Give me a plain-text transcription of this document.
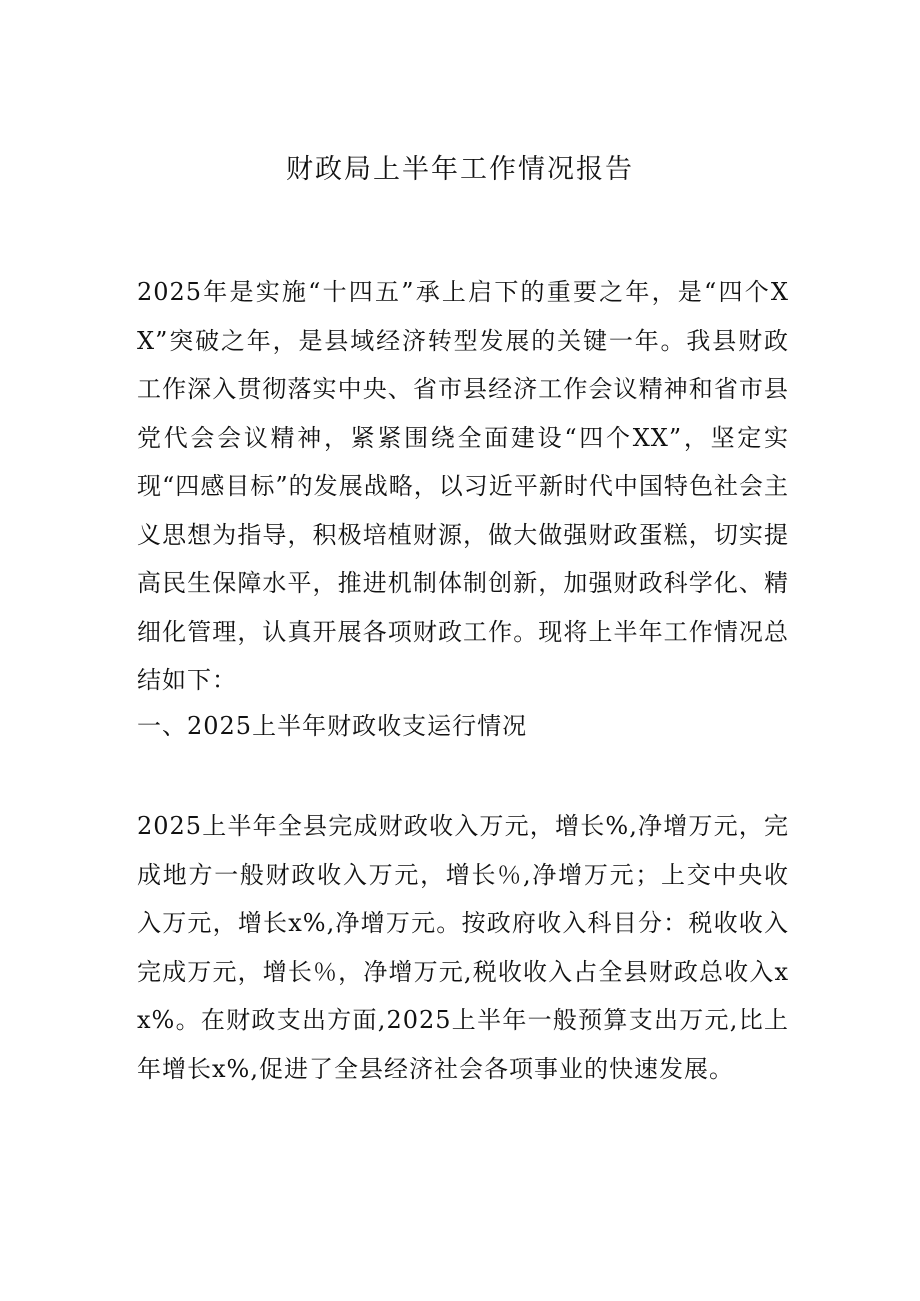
财政局上半年工作情况报告

2025年是实施“十四五”承上启下的重要之年，是“四个XX”突破之年，是县域经济转型发展的关键一年。我县财政工作深入贯彻落实中央、省市县经济工作会议精神和省市县党代会会议精神，紧紧围绕全面建设“四个XX”，坚定实现“四感目标”的发展战略，以习近平新时代中国特色社会主义思想为指导，积极培植财源，做大做强财政蛋糕，切实提高民生保障水平，推进机制体制创新，加强财政科学化、精细化管理，认真开展各项财政工作。现将上半年工作情况总结如下：

一、2025上半年财政收支运行情况

2025上半年全县完成财政收入万元，增长%,净增万元，完成地方一般财政收入万元，增长％,净增万元；上交中央收入万元，增长x%,净增万元。按政府收入科目分：税收收入完成万元，增长％，净增万元,税收收入占全县财政总收入xx%。在财政支出方面,2025上半年一般预算支出万元,比上年增长x%,促进了全县经济社会各项事业的快速发展。
